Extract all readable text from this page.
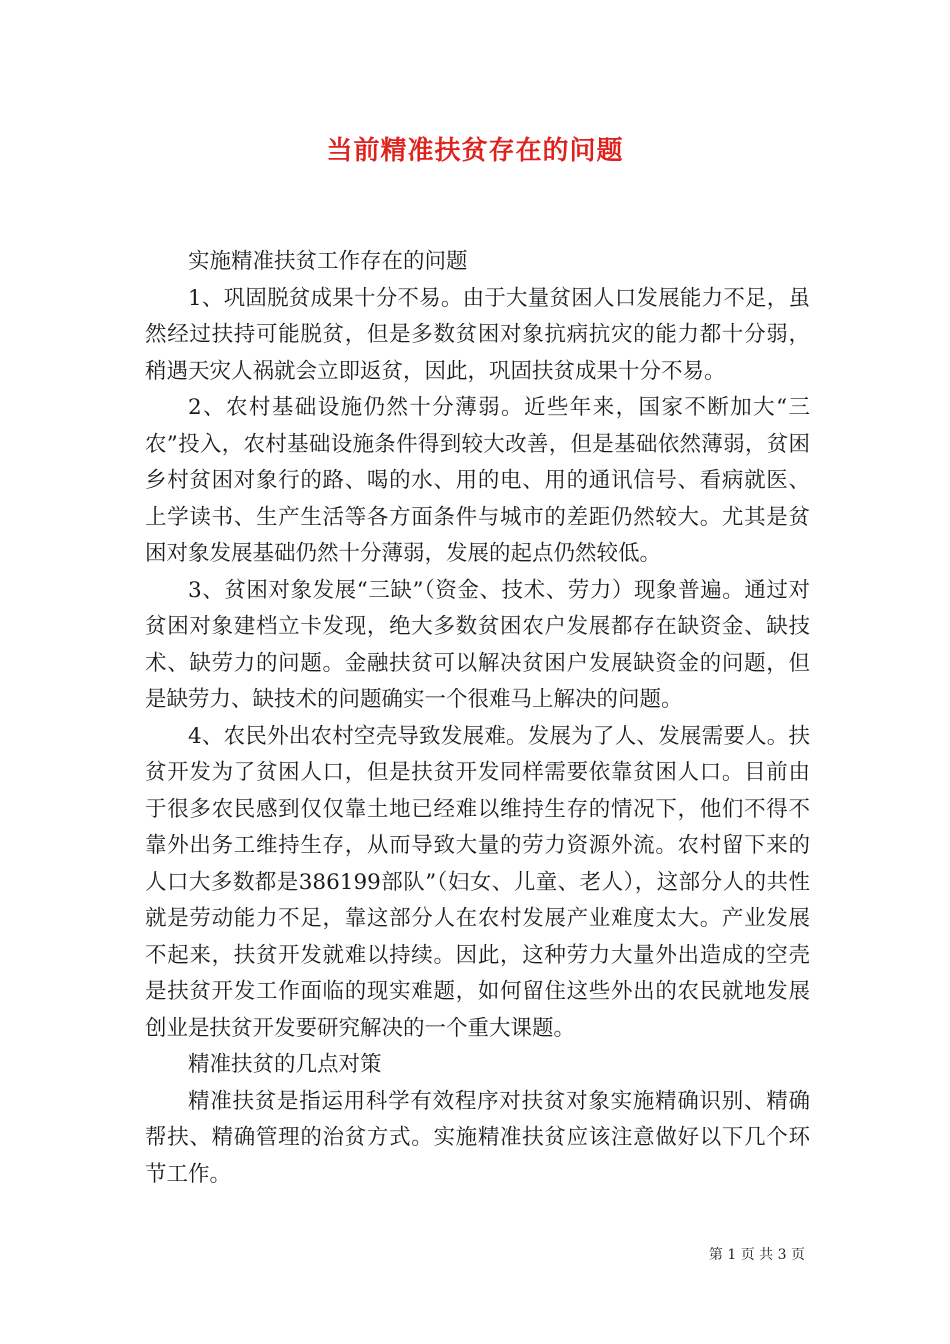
当前精准扶贫存在的问题

实施精准扶贫工作存在的问题

1、巩固脱贫成果十分不易。由于大量贫困人口发展能力不足，虽然经过扶持可能脱贫，但是多数贫困对象抗病抗灾的能力都十分弱，稍遇天灾人祸就会立即返贫，因此，巩固扶贫成果十分不易。

2、农村基础设施仍然十分薄弱。近些年来，国家不断加大“三农”投入，农村基础设施条件得到较大改善，但是基础依然薄弱，贫困乡村贫困对象行的路、喝的水、用的电、用的通讯信号、看病就医、上学读书、生产生活等各方面条件与城市的差距仍然较大。尤其是贫困对象发展基础仍然十分薄弱，发展的起点仍然较低。

3、贫困对象发展“三缺”（资金、技术、劳力）现象普遍。通过对贫困对象建档立卡发现，绝大多数贫困农户发展都存在缺资金、缺技术、缺劳力的问题。金融扶贫可以解决贫困户发展缺资金的问题，但是缺劳力、缺技术的问题确实一个很难马上解决的问题。

4、农民外出农村空壳导致发展难。发展为了人、发展需要人。扶贫开发为了贫困人口，但是扶贫开发同样需要依靠贫困人口。目前由于很多农民感到仅仅靠土地已经难以维持生存的情况下，他们不得不靠外出务工维持生存，从而导致大量的劳力资源外流。农村留下来的人口大多数都是386199部队”（妇女、儿童、老人），这部分人的共性就是劳动能力不足，靠这部分人在农村发展产业难度太大。产业发展不起来，扶贫开发就难以持续。因此，这种劳力大量外出造成的空壳是扶贫开发工作面临的现实难题，如何留住这些外出的农民就地发展创业是扶贫开发要研究解决的一个重大课题。

精准扶贫的几点对策

精准扶贫是指运用科学有效程序对扶贫对象实施精确识别、精确帮扶、精确管理的治贫方式。实施精准扶贫应该注意做好以下几个环节工作。

第 1 页 共 3 页
